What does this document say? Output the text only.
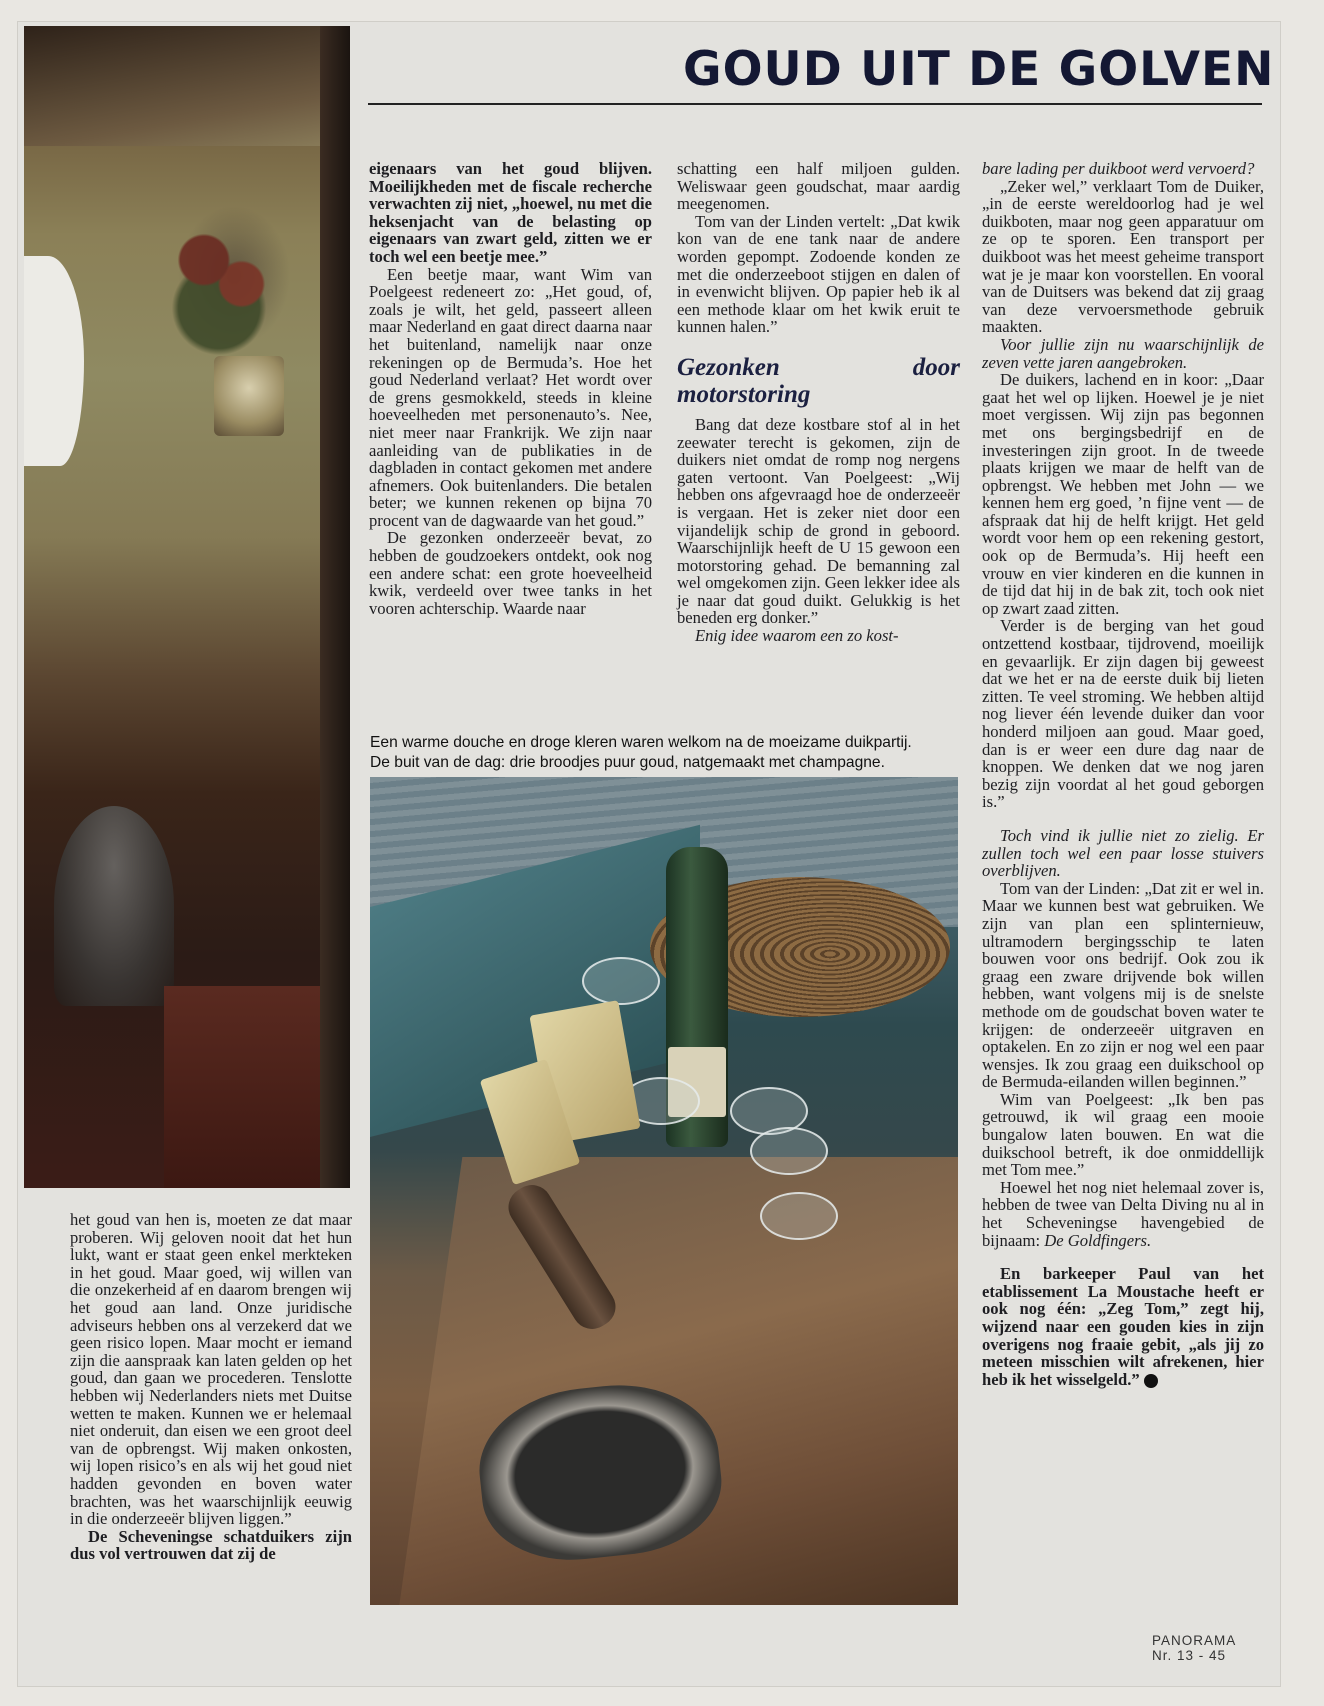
GOUD UIT DE GOLVEN

eigenaars van het goud blijven. Moeilijkheden met de fiscale recherche verwachten zij niet, „hoewel, nu met die heksenjacht van de belasting op eigenaars van zwart geld, zitten we er toch wel een beetje mee.”

Een beetje maar, want Wim van Poelgeest redeneert zo: „Het goud, of, zoals je wilt, het geld, passeert alleen maar Nederland en gaat direct daarna naar het buitenland, namelijk naar onze rekeningen op de Bermuda’s. Hoe het goud Nederland verlaat? Het wordt over de grens gesmokkeld, steeds in kleine hoeveelheden met personenauto’s. Nee, niet meer naar Frankrijk. We zijn naar aanleiding van de publikaties in de dagbladen in contact gekomen met andere afnemers. Ook buitenlanders. Die betalen beter; we kunnen rekenen op bijna 70 procent van de dagwaarde van het goud.”

De gezonken onderzeeër bevat, zo hebben de goudzoekers ontdekt, ook nog een andere schat: een grote hoeveelheid kwik, verdeeld over twee tanks in het vooren achterschip. Waarde naar

schatting een half miljoen gulden. Weliswaar geen goudschat, maar aardig meegenomen.

Tom van der Linden vertelt: „Dat kwik kon van de ene tank naar de andere worden gepompt. Zodoende konden ze met die onderzeeboot stijgen en dalen of in evenwicht blijven. Op papier heb ik al een methode klaar om het kwik eruit te kunnen halen.”

Gezonken door motorstoring

Bang dat deze kostbare stof al in het zeewater terecht is gekomen, zijn de duikers niet omdat de romp nog nergens gaten vertoont. Van Poelgeest: „Wij hebben ons afgevraagd hoe de onderzeeër is vergaan. Het is zeker niet door een vijandelijk schip de grond in geboord. Waarschijnlijk heeft de U 15 gewoon een motorstoring gehad. De bemanning zal wel omgekomen zijn. Geen lekker idee als je naar dat goud duikt. Gelukkig is het beneden erg donker.”

Enig idee waarom een zo kost-

bare lading per duikboot werd vervoerd?

„Zeker wel,” verklaart Tom de Duiker, „in de eerste wereldoorlog had je wel duikboten, maar nog geen apparatuur om ze op te sporen. Een transport per duikboot was het meest geheime transport wat je je maar kon voorstellen. En vooral van de Duitsers was bekend dat zij graag van deze vervoersmethode gebruik maakten.

Voor jullie zijn nu waarschijnlijk de zeven vette jaren aangebroken.

De duikers, lachend en in koor: „Daar gaat het wel op lijken. Hoewel je je niet moet vergissen. Wij zijn pas begonnen met ons bergingsbedrijf en de investeringen zijn groot. In de tweede plaats krijgen we maar de helft van de opbrengst. We hebben met John — we kennen hem erg goed, ’n fijne vent — de afspraak dat hij de helft krijgt. Het geld wordt voor hem op een rekening gestort, ook op de Bermuda’s. Hij heeft een vrouw en vier kinderen en die kunnen in de tijd dat hij in de bak zit, toch ook niet op zwart zaad zitten.

Verder is de berging van het goud ontzettend kostbaar, tijdrovend, moeilijk en gevaarlijk. Er zijn dagen bij geweest dat we het er na de eerste duik bij lieten zitten. Te veel stroming. We hebben altijd nog liever één levende duiker dan voor honderd miljoen aan goud. Maar goed, dan is er weer een dure dag naar de knoppen. We denken dat we nog jaren bezig zijn voordat al het goud geborgen is.”

Toch vind ik jullie niet zo zielig. Er zullen toch wel een paar losse stuivers overblijven.

Tom van der Linden: „Dat zit er wel in. Maar we kunnen best wat gebruiken. We zijn van plan een splinternieuw, ultramodern bergingsschip te laten bouwen voor ons bedrijf. Ook zou ik graag een zware drijvende bok willen hebben, want volgens mij is de snelste methode om de goudschat boven water te krijgen: de onderzeeër uitgraven en optakelen. En zo zijn er nog wel een paar wensjes. Ik zou graag een duikschool op de Bermuda-eilanden willen beginnen.”

Wim van Poelgeest: „Ik ben pas getrouwd, ik wil graag een mooie bungalow laten bouwen. En wat die duikschool betreft, ik doe onmiddellijk met Tom mee.”

Hoewel het nog niet helemaal zover is, hebben de twee van Delta Diving nu al in het Scheveningse havengebied de bijnaam: De Goldfingers.

En barkeeper Paul van het etablissement La Moustache heeft er ook nog één: „Zeg Tom,” zegt hij, wijzend naar een gouden kies in zijn overigens nog fraaie gebit, „als jij zo meteen misschien wilt afrekenen, hier heb ik het wisselgeld.”

Een warme douche en droge kleren waren welkom na de moeizame duikpartij.
De buit van de dag: drie broodjes puur goud, natgemaakt met champagne.

het goud van hen is, moeten ze dat maar proberen. Wij geloven nooit dat het hun lukt, want er staat geen enkel merkteken in het goud. Maar goed, wij willen van die onzekerheid af en daarom brengen wij het goud aan land. Onze juridische adviseurs hebben ons al verzekerd dat we geen risico lopen. Maar mocht er iemand zijn die aanspraak kan laten gelden op het goud, dan gaan we procederen. Tenslotte hebben wij Nederlanders niets met Duitse wetten te maken. Kunnen we er helemaal niet onderuit, dan eisen we een groot deel van de opbrengst. Wij maken onkosten, wij lopen risico’s en als wij het goud niet hadden gevonden en boven water brachten, was het waarschijnlijk eeuwig in die onderzeeër blijven liggen.”

De Scheveningse schatduikers zijn dus vol vertrouwen dat zij de

PANORAMA
Nr. 13 - 45
